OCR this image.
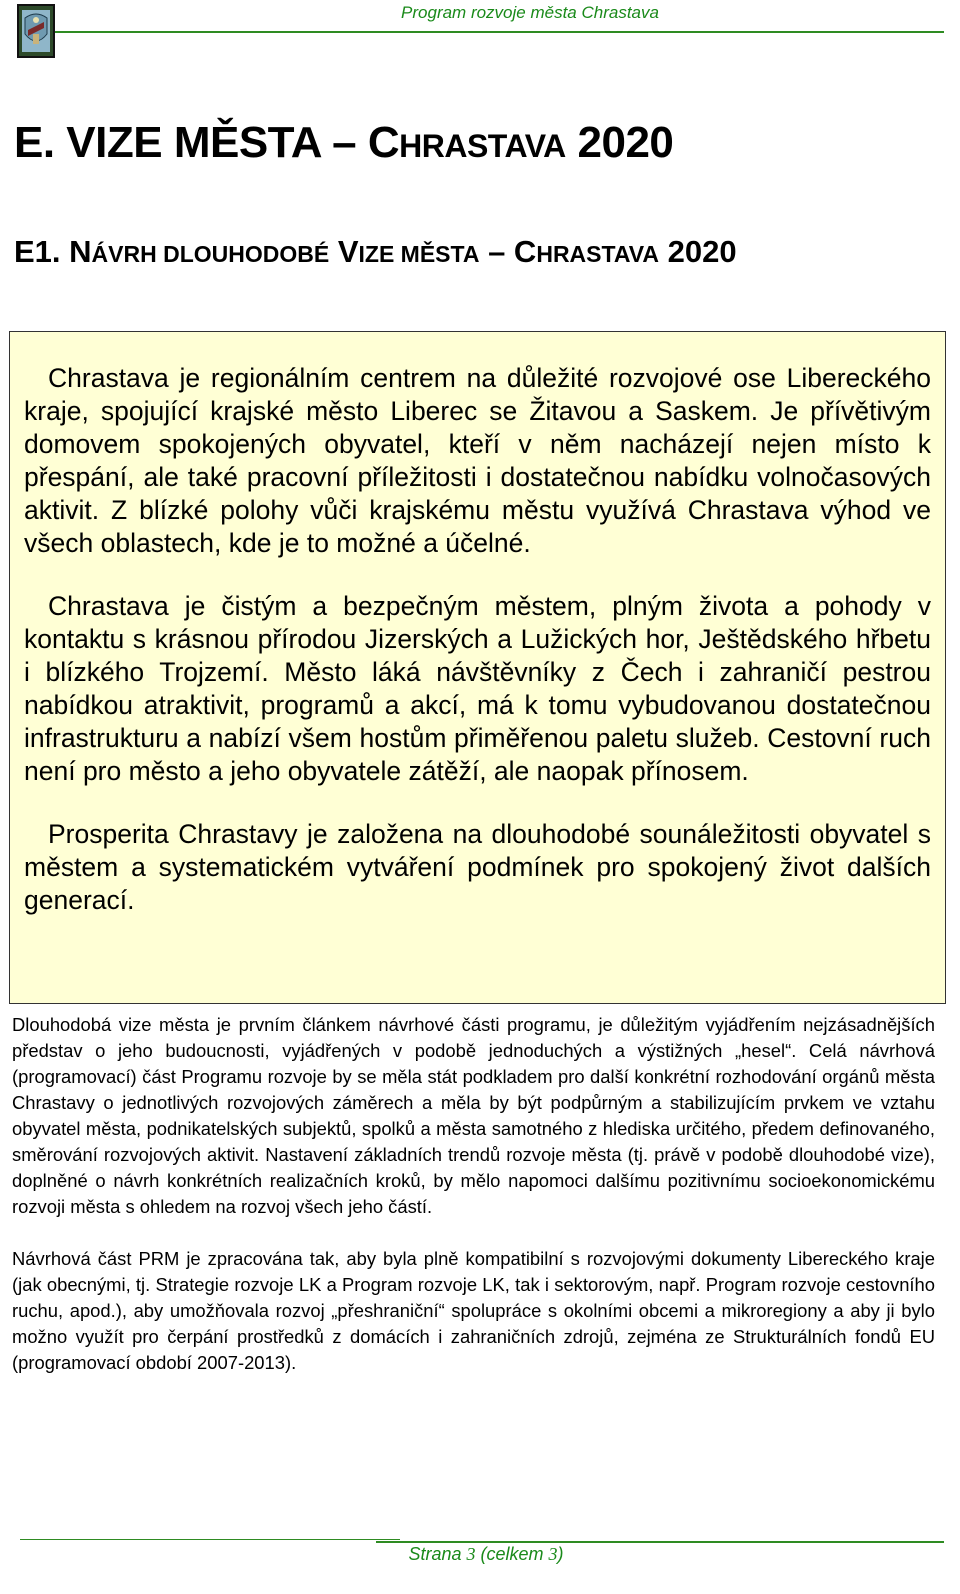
Program rozvoje města Chrastava
E. VIZE MĚSTA – CHRASTAVA 2020
E1. NÁVRH DLOUHODOBÉ VIZE MĚSTA – CHRASTAVA 2020

Chrastava je regionálním centrem na důležité rozvojové ose Libereckého kraje, spojující krajské město Liberec se Žitavou a Saskem. Je přívětivým domovem spokojených obyvatel, kteří v něm nacházejí nejen místo k přespání, ale také pracovní příležitosti i dostatečnou nabídku volnočasových aktivit. Z blízké polohy vůči krajskému městu využívá Chrastava výhod ve všech oblastech, kde je to možné a účelné.

Chrastava je čistým a bezpečným městem, plným života a pohody v kontaktu s krásnou přírodou Jizerských a Lužických hor, Ještědského hřbetu i blízkého Trojzemí. Město láká návštěvníky z Čech i zahraničí pestrou nabídkou atraktivit, programů a akcí, má k tomu vybudovanou dostatečnou infrastrukturu a nabízí všem hostům přiměřenou paletu služeb. Cestovní ruch není pro město a jeho obyvatele zátěží, ale naopak přínosem.

Prosperita Chrastavy je založena na dlouhodobé sounáležitosti obyvatel s městem a systematickém vytváření podmínek pro spokojený život dalších generací.

Dlouhodobá vize města je prvním článkem návrhové části programu, je důležitým vyjádřením nejzásadnějších představ o jeho budoucnosti, vyjádřených v podobě jednoduchých a výstižných „hesel“. Celá návrhová (programovací) část Programu rozvoje by se měla stát podkladem pro další konkrétní rozhodování orgánů města Chrastavy o jednotlivých rozvojových záměrech a měla by být podpůrným a stabilizujícím prvkem ve vztahu obyvatel města, podnikatelských subjektů, spolků a města samotného z hlediska určitého, předem definovaného, směrování rozvojových aktivit. Nastavení základních trendů rozvoje města (tj. právě v podobě dlouhodobé vize), doplněné o návrh konkrétních realizačních kroků, by mělo napomoci dalšímu pozitivnímu socioekonomickému rozvoji města s ohledem na rozvoj všech jeho částí.

Návrhová část PRM je zpracována tak, aby byla plně kompatibilní s rozvojovými dokumenty Libereckého kraje (jak obecnými, tj. Strategie rozvoje LK a Program rozvoje LK, tak i sektorovým, např. Program rozvoje cestovního ruchu, apod.), aby umožňovala rozvoj „přeshraniční“ spolupráce s okolními obcemi a mikroregiony a aby ji bylo možno využít pro čerpání prostředků z domácích i zahraničních zdrojů, zejména ze Strukturálních fondů EU (programovací období 2007-2013).

Strana 3 (celkem 3)
